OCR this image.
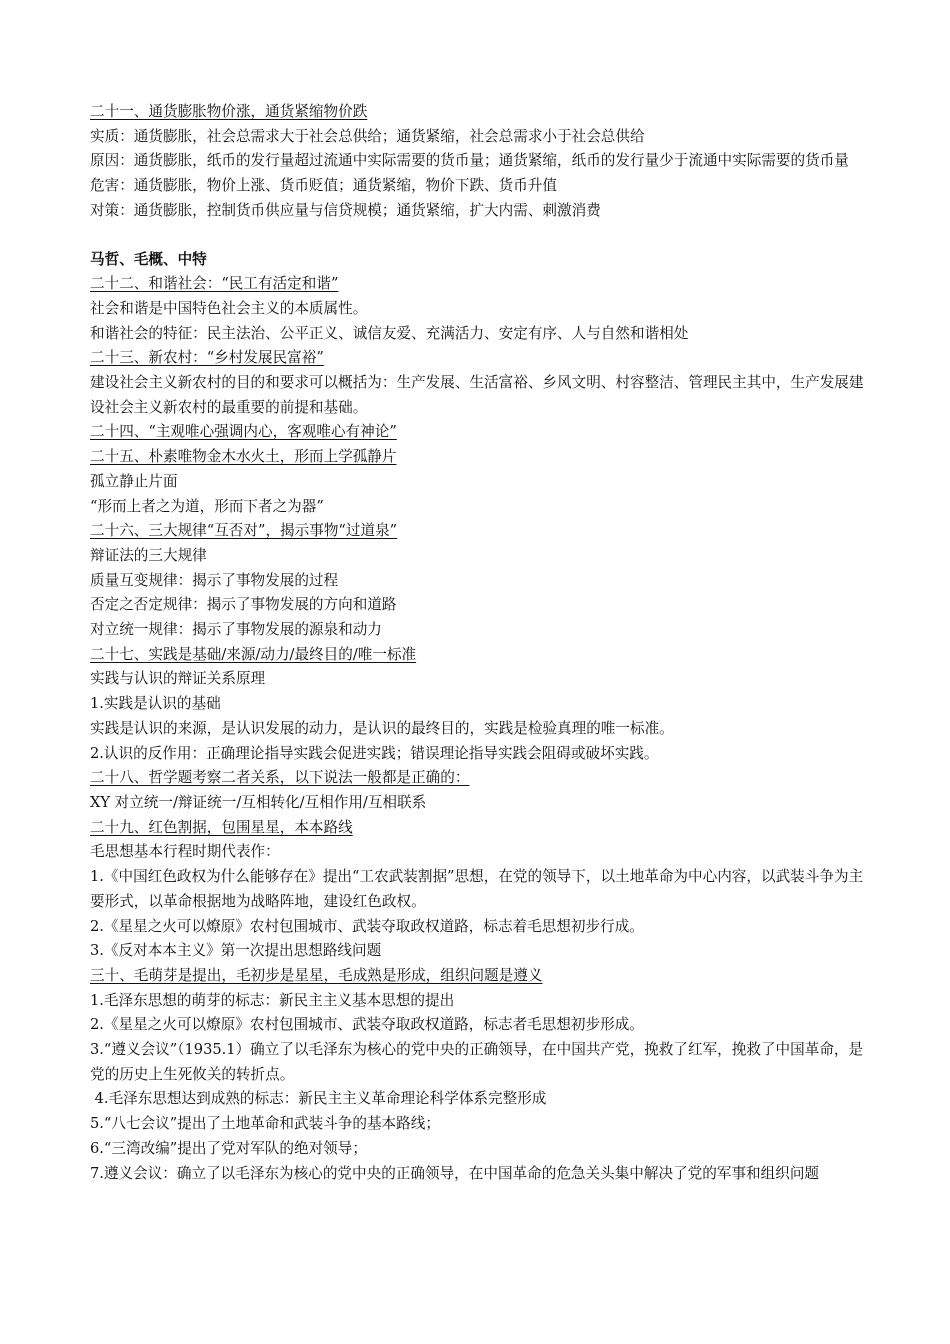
二十一、通货膨胀物价涨，通货紧缩物价跌
实质：通货膨胀，社会总需求大于社会总供给；通货紧缩，社会总需求小于社会总供给
原因：通货膨胀，纸币的发行量超过流通中实际需要的货币量；通货紧缩，纸币的发行量少于流通中实际需要的货币量
危害：通货膨胀，物价上涨、货币贬值；通货紧缩，物价下跌、货币升值
对策：通货膨胀，控制货币供应量与信贷规模；通货紧缩，扩大内需、刺激消费
马哲、毛概、中特
二十二、和谐社会：“民工有活定和谐”
社会和谐是中国特色社会主义的本质属性。
和谐社会的特征：民主法治、公平正义、诚信友爱、充满活力、安定有序、人与自然和谐相处
二十三、新农村：“乡村发展民富裕”
建设社会主义新农村的目的和要求可以概括为：生产发展、生活富裕、乡风文明、村容整洁、管理民主其中，生产发展建设社会主义新农村的最重要的前提和基础。
二十四、“主观唯心强调内心，客观唯心有神论”
二十五、朴素唯物金木水火土，形而上学孤静片
孤立静止片面
“形而上者之为道，形而下者之为器”
二十六、三大规律“互否对”，揭示事物“过道泉”
辩证法的三大规律
质量互变规律：揭示了事物发展的过程
否定之否定规律：揭示了事物发展的方向和道路
对立统一规律：揭示了事物发展的源泉和动力
二十七、实践是基础/来源/动力/最终目的/唯一标准
实践与认识的辩证关系原理
1.实践是认识的基础
实践是认识的来源，是认识发展的动力，是认识的最终目的，实践是检验真理的唯一标准。
2.认识的反作用：正确理论指导实践会促进实践；错误理论指导实践会阻碍或破坏实践。
二十八、哲学题考察二者关系，以下说法一般都是正确的：
XY 对立统一/辩证统一/互相转化/互相作用/互相联系
二十九、红色割据，包围星星，本本路线
毛思想基本行程时期代表作：
1.《中国红色政权为什么能够存在》提出“工农武装割据”思想，在党的领导下，以土地革命为中心内容，以武装斗争为主要形式，以革命根据地为战略阵地，建设红色政权。
2.《星星之火可以燎原》农村包围城市、武装夺取政权道路，标志着毛思想初步行成。
3.《反对本本主义》第一次提出思想路线问题
三十、毛萌芽是提出，毛初步是星星，毛成熟是形成，组织问题是遵义
1.毛泽东思想的萌芽的标志：新民主主义基本思想的提出
2.《星星之火可以燎原》农村包围城市、武装夺取政权道路，标志者毛思想初步形成。
3.“遵义会议”（1935.1）确立了以毛泽东为核心的党中央的正确领导，在中国共产党，挽救了红军，挽救了中国革命，是党的历史上生死攸关的转折点。
4.毛泽东思想达到成熟的标志：新民主主义革命理论科学体系完整形成
5.“八七会议”提出了土地革命和武装斗争的基本路线；
6.“三湾改编”提出了党对军队的绝对领导；
7.遵义会议：确立了以毛泽东为核心的党中央的正确领导，在中国革命的危急关头集中解决了党的军事和组织问题
